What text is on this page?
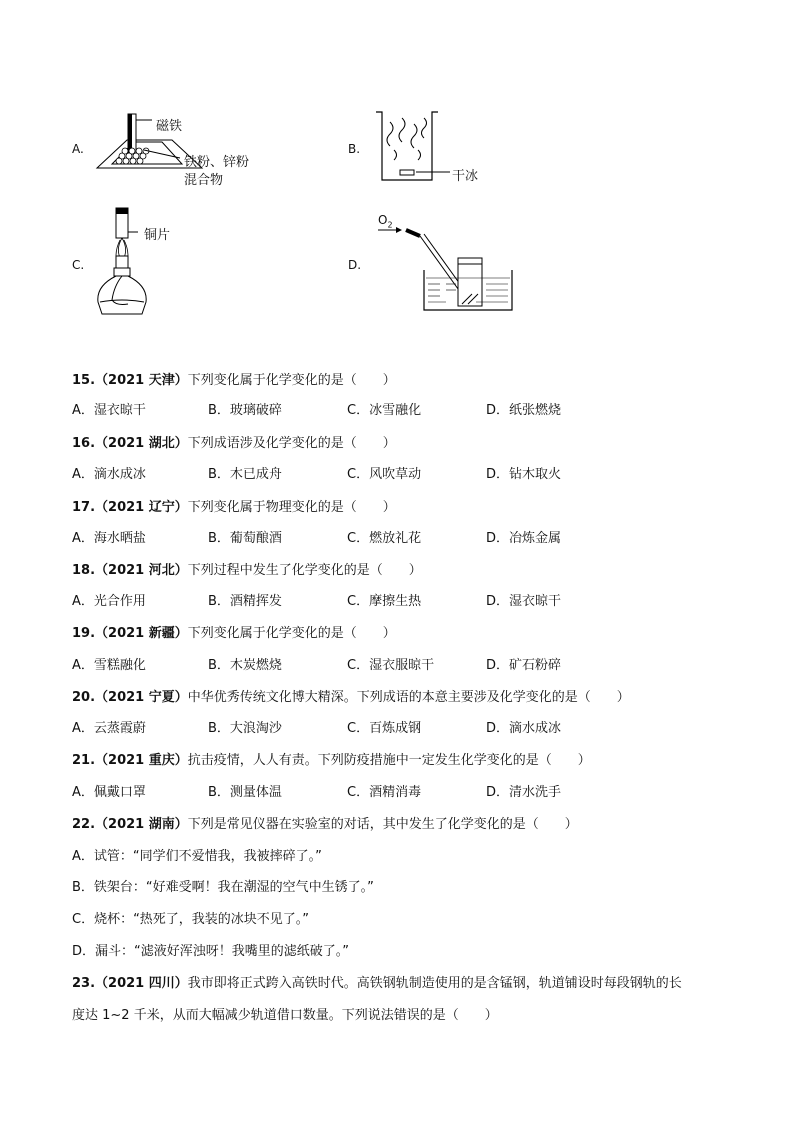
A.
磁铁
铁粉、锌粉
混合物
B.
干冰
C.
铜片
D.
$O_2$
15.（2021 天津）下列变化属于化学变化的是（　　）
A．湿衣晾干	B．玻璃破碎	C．冰雪融化	D．纸张燃烧
16.（2021 湖北）下列成语涉及化学变化的是（　　）
A．滴水成冰	B．木已成舟	C．风吹草动	D．钻木取火
17.（2021 辽宁）下列变化属于物理变化的是（　　）
A．海水晒盐	B．葡萄酿酒	C．燃放礼花	D．冶炼金属
18.（2021 河北）下列过程中发生了化学变化的是（　　）
A．光合作用	B．酒精挥发	C．摩擦生热	D．湿衣晾干
19.（2021 新疆）下列变化属于化学变化的是（　　）
A．雪糕融化	B．木炭燃烧	C．湿衣服晾干	D．矿石粉碎
20.（2021 宁夏）中华优秀传统文化博大精深。下列成语的本意主要涉及化学变化的是（　　）
A．云蒸霞蔚	B．大浪淘沙	C．百炼成钢	D．滴水成冰
21.（2021 重庆）抗击疫情，人人有责。下列防疫措施中一定发生化学变化的是（　　）
A．佩戴口罩	B．测量体温	C．酒精消毒	D．清水洗手
22.（2021 湖南）下列是常见仪器在实验室的对话，其中发生了化学变化的是（　　）
A．试管：“同学们不爱惜我，我被摔碎了。”
B．铁架台：“好难受啊！我在潮湿的空气中生锈了。”
C．烧杯：“热死了，我装的冰块不见了。”
D．漏斗：“滤液好浑浊呀！我嘴里的滤纸破了。”
23.（2021 四川）我市即将正式跨入高铁时代。高铁钢轨制造使用的是含锰钢，轨道铺设时每段钢轨的长
度达 1~2 千米，从而大幅减少轨道借口数量。下列说法错误的是（　　）
